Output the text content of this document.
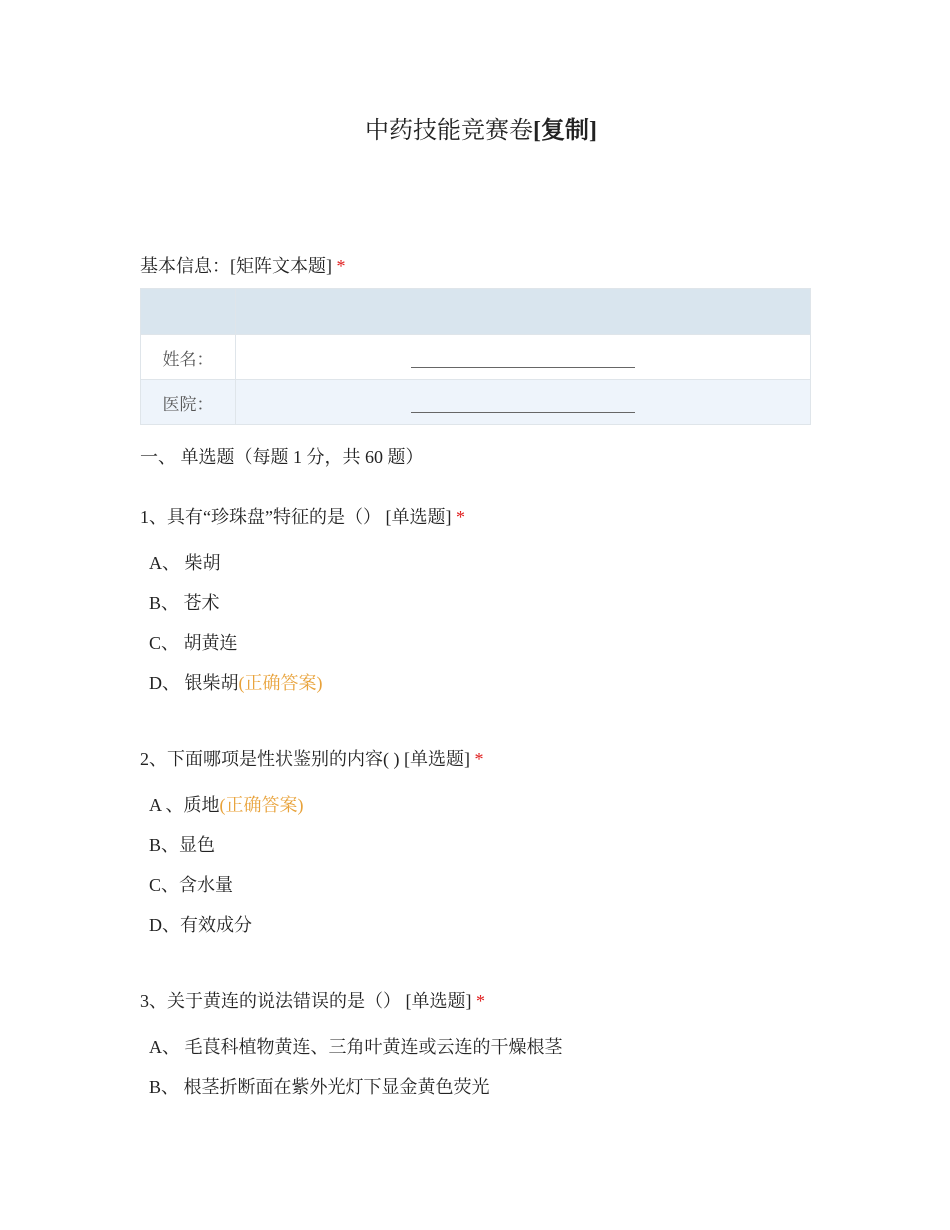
中药技能竞赛卷[复制]
基本信息：[矩阵文本题] *

姓名：	
医院：	
一、 单选题（每题 1 分，共 60 题）
1、具有“珍珠盘”特征的是（） [单选题] *
A、 柴胡
B、 苍术
C、 胡黄连
D、 银柴胡(正确答案)
2、下面哪项是性状鉴别的内容( ) [单选题] *
A 、质地(正确答案)
B、显色
C、含水量
D、有效成分
3、关于黄连的说法错误的是（） [单选题] *
A、 毛茛科植物黄连、三角叶黄连或云连的干燥根茎
B、 根茎折断面在紫外光灯下显金黄色荧光
